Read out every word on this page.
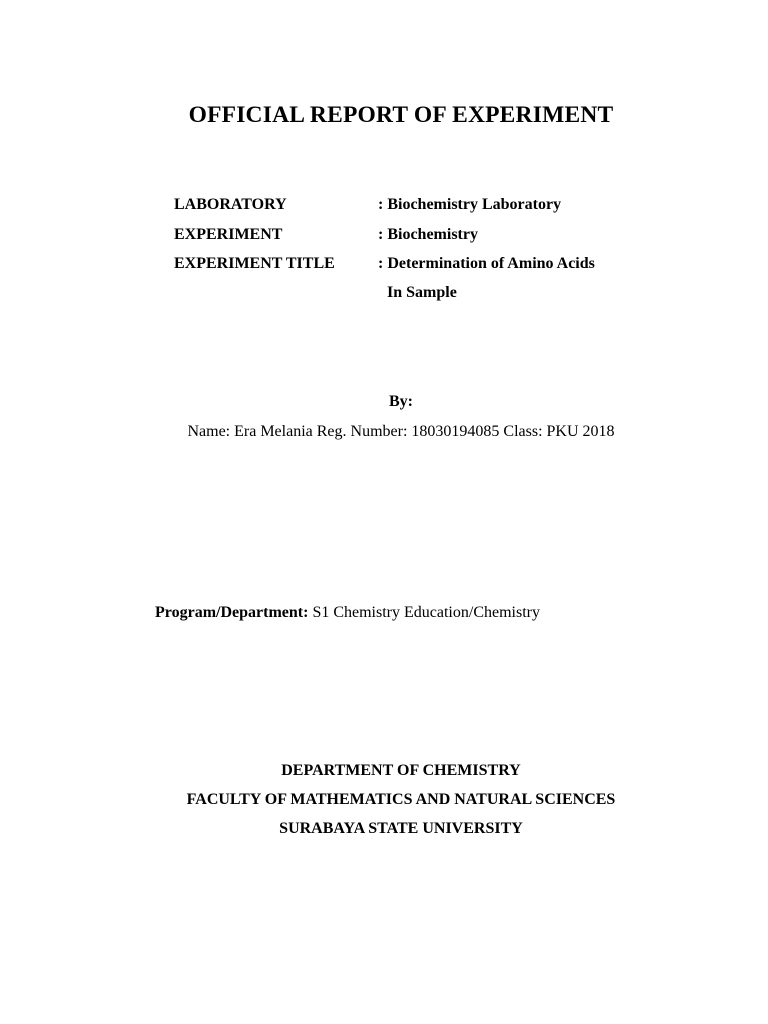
OFFICIAL REPORT OF EXPERIMENT
LABORATORY	: Biochemistry Laboratory
EXPERIMENT	: Biochemistry
EXPERIMENT TITLE	: Determination of Amino Acids
In Sample
By:
Name: Era Melania Reg. Number: 18030194085 Class: PKU 2018
Program/Department: S1 Chemistry Education/Chemistry
DEPARTMENT OF CHEMISTRY
FACULTY OF MATHEMATICS AND NATURAL SCIENCES
SURABAYA STATE UNIVERSITY
